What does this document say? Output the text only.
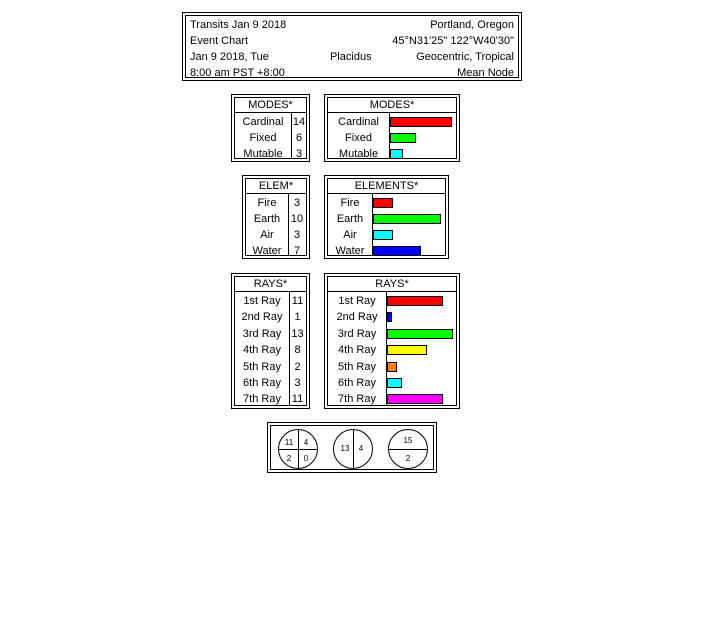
Transits Jan 9 2018	Portland, Oregon
Event Chart	45°N31'25" 122°W40'30"
Jan 9 2018, Tue	Placidus	Geocentric, Tropical
8:00 am PST +8:00	Mean Node
MODES*
Cardinal 14
Fixed	6
Mutable	3
MODES*
Cardinal
Fixed
Mutable
ELEM*
Fire	3
Earth 10
Air	3
Water	7
ELEMENTS*
Fire
Earth
Air
Water
RAYS*
1st Ray	11
2nd Ray	1
3rd Ray 13
4th Ray	8
5th Ray	2
6th Ray	3
7th Ray 11
RAYS*
1st Ray
2nd Ray
3rd Ray
4th Ray
5th Ray
6th Ray
7th Ray
11	4
2	0
13	4
15
2
